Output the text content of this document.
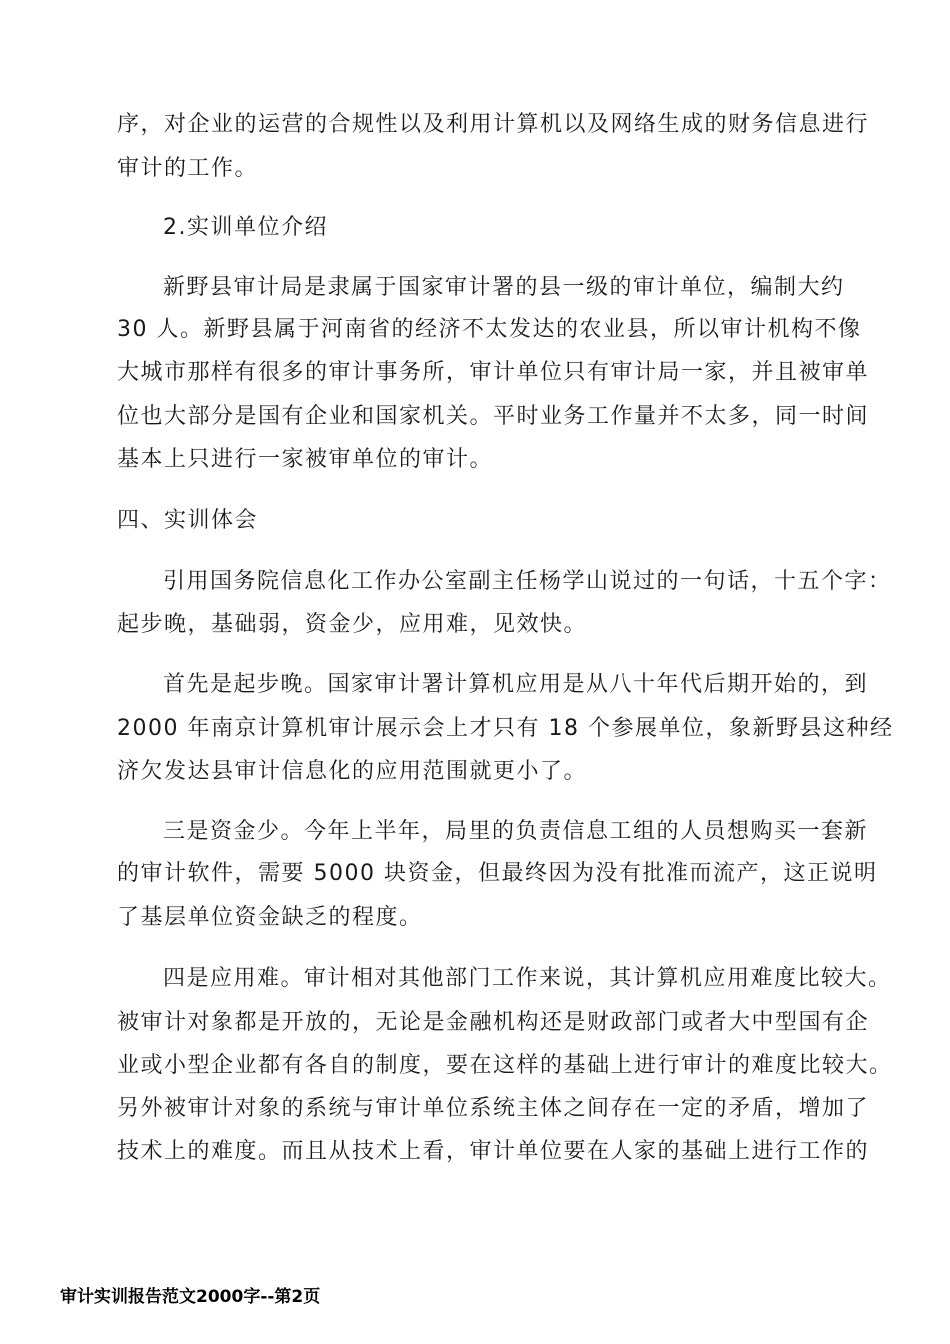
序，对企业的运营的合规性以及利用计算机以及网络生成的财务信息进行
审计的工作。
2.实训单位介绍
新野县审计局是隶属于国家审计署的县一级的审计单位，编制大约
30 人。新野县属于河南省的经济不太发达的农业县，所以审计机构不像
大城市那样有很多的审计事务所，审计单位只有审计局一家，并且被审单
位也大部分是国有企业和国家机关。平时业务工作量并不太多，同一时间
基本上只进行一家被审单位的审计。
四、实训体会
引用国务院信息化工作办公室副主任杨学山说过的一句话，十五个字：
起步晚，基础弱，资金少，应用难，见效快。
首先是起步晚。国家审计署计算机应用是从八十年代后期开始的，到
2000 年南京计算机审计展示会上才只有 18 个参展单位，象新野县这种经
济欠发达县审计信息化的应用范围就更小了。
三是资金少。今年上半年，局里的负责信息工组的人员想购买一套新
的审计软件，需要 5000 块资金，但最终因为没有批准而流产，这正说明
了基层单位资金缺乏的程度。
四是应用难。审计相对其他部门工作来说，其计算机应用难度比较大。
被审计对象都是开放的，无论是金融机构还是财政部门或者大中型国有企
业或小型企业都有各自的制度，要在这样的基础上进行审计的难度比较大。
另外被审计对象的系统与审计单位系统主体之间存在一定的矛盾，增加了
技术上的难度。而且从技术上看，审计单位要在人家的基础上进行工作的
审计实训报告范文2000字--第2页
